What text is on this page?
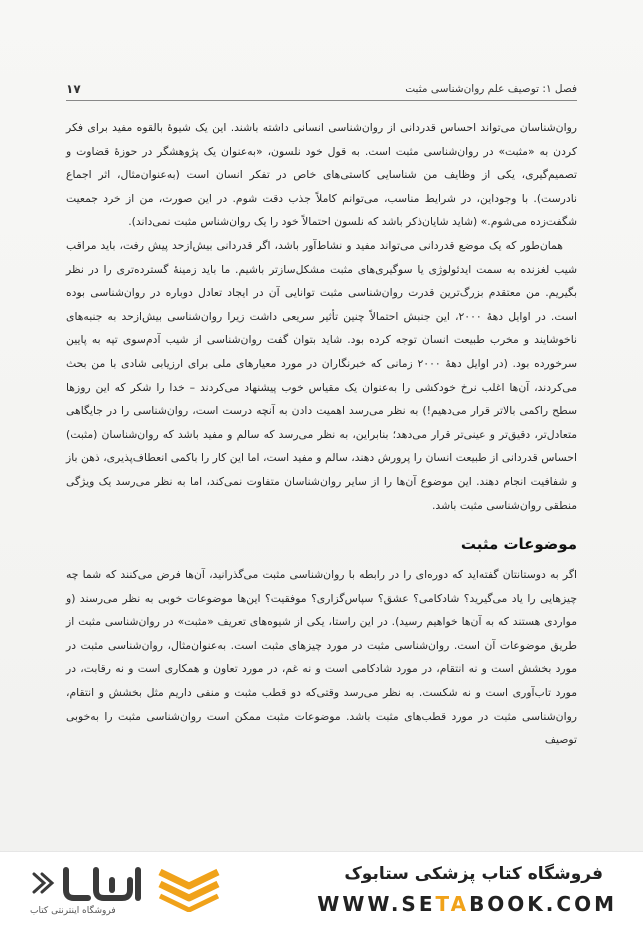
فصل ۱: توصیف علم روان‌شناسی مثبت
۱۷

روان‌شناسان می‌تواند احساس قدردانی از روان‌شناسی انسانی داشته باشند. این یک شیوهٔ بالقوه مفید برای فکر کردن به «مثبت» در روان‌شناسی مثبت است. به قول خود نلسون، «به‌عنوان یک پژوهشگر در حوزهٔ قضاوت و تصمیم‌گیری، یکی از وظایف من شناسایی کاستی‌های خاص در تفکر انسان است (به‌عنوان‌مثال، اثر اجماع نادرست). با وجوداین، در شرایط مناسب، می‌توانم کاملاً جذب دقت شوم. در این صورت، من از خرد جمعیت شگفت‌زده می‌شوم.» (شاید شایان‌ذکر باشد که نلسون احتمالاً خود را یک روان‌شناس مثبت نمی‌داند).

همان‌طور که یک موضع قدردانی می‌تواند مفید و نشاط‌آور باشد، اگر قدردانی بیش‌ازحد پیش رفت، باید مراقب شیب لغزنده به سمت ایدئولوژی یا سوگیری‌های مثبت مشکل‌سازتر باشیم. ما باید زمینهٔ گسترده‌تری را در نظر بگیریم. من معتقدم بزرگ‌ترین قدرت روان‌شناسی مثبت توانایی آن در ایجاد تعادل دوباره در روان‌شناسی بوده است. در اوایل دههٔ ۲۰۰۰، این جنبش احتمالاً چنین تأثیر سریعی داشت زیرا روان‌شناسی بیش‌ازحد به جنبه‌های ناخوشایند و مخرب طبیعت انسان توجه کرده بود. شاید بتوان گفت روان‌شناسی از شیب آدم‌سوی تپه به پایین سرخورده بود. (در اوایل دههٔ ۲۰۰۰ زمانی که خبرنگاران در مورد معیارهای ملی برای ارزیابی شادی با من بحث می‌کردند، آن‌ها اغلب نرخ خودکشی را به‌عنوان یک مقیاس خوب پیشنهاد می‌کردند – خدا را شکر که این روزها سطح راکمی بالاتر قرار می‌دهیم!) به نظر می‌رسد اهمیت دادن به آنچه درست است، روان‌شناسی را در جایگاهی متعادل‌تر، دقیق‌تر و عینی‌تر قرار می‌دهد؛ بنابراین، به نظر می‌رسد که سالم و مفید باشد که روان‌شناسان (مثبت) احساس قدردانی از طبیعت انسان را پرورش دهند، سالم و مفید است، اما این کار را باکمی انعطاف‌پذیری، ذهن باز و شفافیت انجام دهند. این موضوع آن‌ها را از سایر روان‌شناسان متفاوت نمی‌کند، اما به نظر می‌رسد یک ویژگی منطقی روان‌شناسی مثبت باشد.

موضوعات مثبت

اگر به دوستانتان گفته‌اید که دوره‌ای را در رابطه با روان‌شناسی مثبت می‌گذرانید، آن‌ها فرض می‌کنند که شما چه چیزهایی را یاد می‌گیرید؟ شادکامی؟ عشق؟ سپاس‌گزاری؟ موفقیت؟ این‌ها موضوعات خوبی به نظر می‌رسند (و مواردی هستند که به آن‌ها خواهیم رسید). در این راستا، یکی از شیوه‌های تعریف «مثبت» در روان‌شناسی مثبت از طریق موضوعات آن است. روان‌شناسی مثبت در مورد چیزهای مثبت است. به‌عنوان‌مثال، روان‌شناسی مثبت در مورد بخشش است و نه انتقام، در مورد شادکامی است و نه غم، در مورد تعاون و همکاری است و نه رقابت، در مورد تاب‌آوری است و نه شکست. به نظر می‌رسد وقتی‌که دو قطب مثبت و منفی داریم مثل بخشش و انتقام، روان‌شناسی مثبت در مورد قطب‌های مثبت باشد. موضوعات مثبت ممکن است روان‌شناسی مثبت را به‌خوبی توصیف

فروشگاه اینترنتی کتاب
فروشگاه کتاب پزشکی ستابوک
WWW.SETABOOK.COM
